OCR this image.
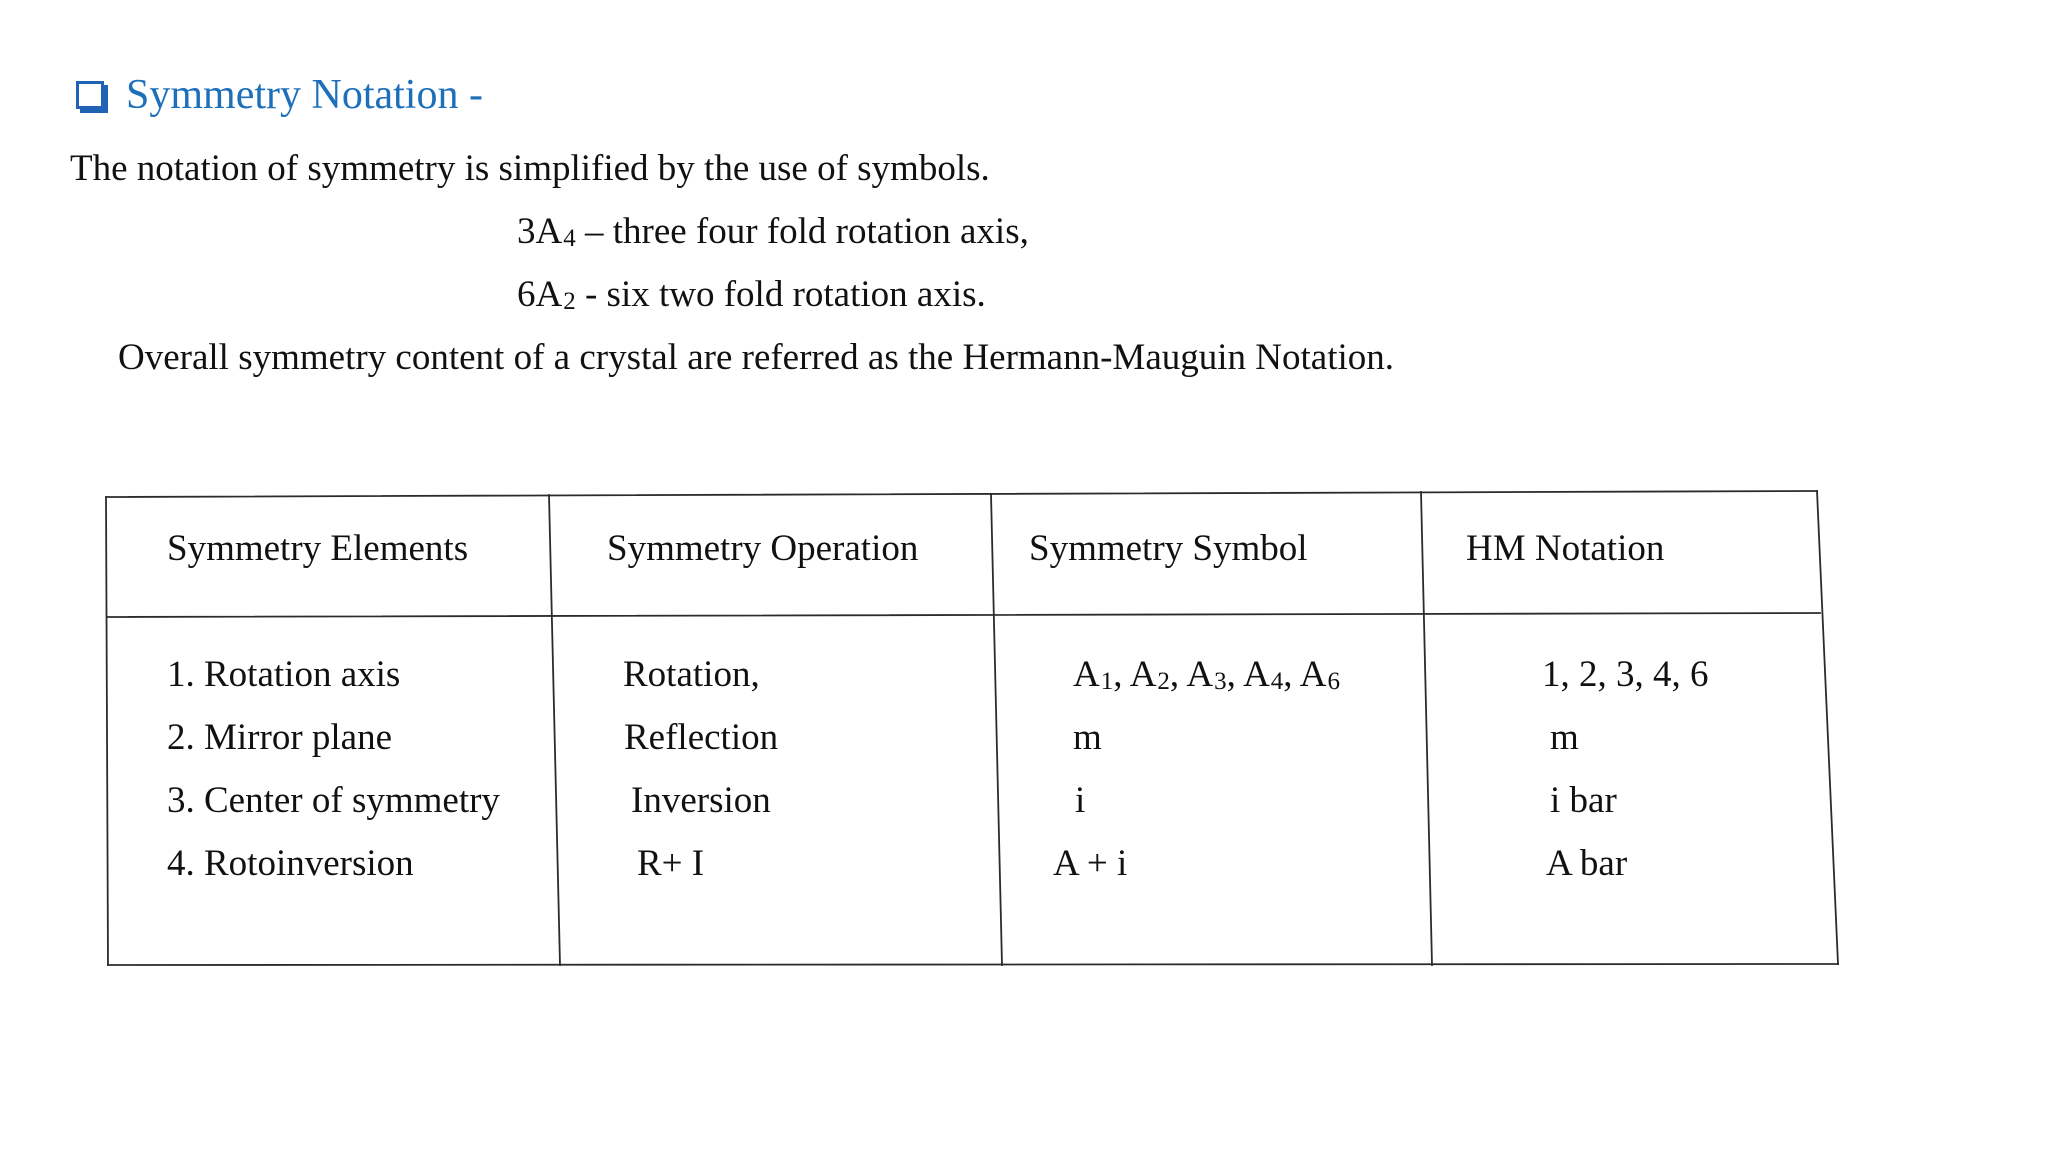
Symmetry Notation -
The notation of symmetry is simplified by the use of symbols.
3A4 – three four fold rotation axis,
6A2 - six two fold rotation axis.
Overall symmetry content of a crystal are referred as the Hermann-Mauguin Notation.
Symmetry Elements	Symmetry Operation	Symmetry Symbol	HM Notation
1. Rotation axis	Rotation,	A1, A2, A3, A4, A6	1, 2, 3, 4, 6
2. Mirror plane	Reflection	m	m
3. Center of symmetry	Inversion	i	i bar
4. Rotoinversion	R+ I	A + i	A bar
